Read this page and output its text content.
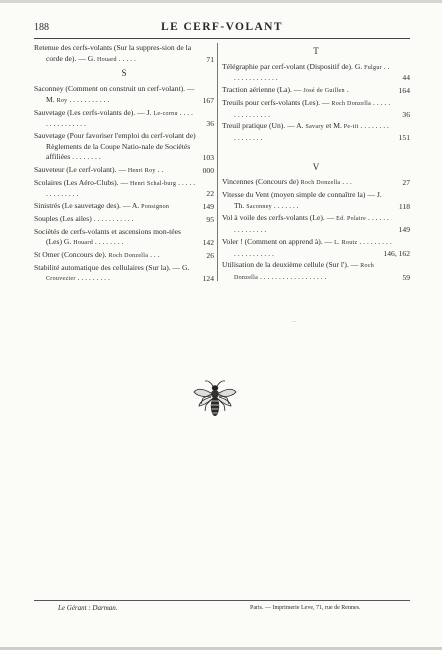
188	LE CERF-VOLANT
Retenue des cerfs-volants (Sur la suppres-sion de la corde de). — G. Houard . . . . .	71
S
Saconney (Comment on construit un cerf-volant). — M. Roy . . . . . . . . . . .	167
Sauvetage (Les cerfs-volants de). — J. Le-cornu . . . . . . . . . . . . . . .	36
Sauvetage (Pour favoriser l'emploi du cerf-volant de) Règlements de la Coupe Natio-nale de Sociétés affiliées . . . . . . . .	103
Sauveteur (Le cerf-volant). — Henri Roy . .	000
Scolaires (Les Aéro-Clubs). — Henri Schal-burg . . . . . . . . . . . . . .	22
Sinistrés (Le sauvetage des). — A. Ponsignon	149
Souples (Les ailes) . . . . . . . . . . .	95
Sociétés de cerfs-volants et ascensions mon-tées (Les) G. Houard . . . . . . . .	142
St Omer (Concours de). Roch Donzella . . .	26
Stabilité automatique des cellulaires (Sur la). — G. Crouvezier . . . . . . . . .	124
T
Télégraphie par cerf-volant (Dispositif de). G. Fulgur . . . . . . . . . . . . . .	44
Traction aérienne (La). — José de Guillen .	164
Treuils pour cerfs-volants (Les). — Roch Donzella . . . . . . . . . . . . . . .	36
Treuil pratique (Un). — A. Savary et M. Pe-tit . . . . . . . . . . . . . . . .	151
V
Vincennes (Concours de) Roch Donzella . . .	27
Vitesse du Vent (moyen simple de connaître la) — J. Th. Saconney . . . . . . .	118
Vol à voile des cerfs-volants (Le). — Ed. Polaire . . . . . . . . . . . . . . .	149
Voler ! (Comment on apprend à). — L. Routz . . . . . . . . . . . . . . . . . . . .	146, 162
Utilisation de la deuxième cellule (Sur l'). — Roch Donzella . . . . . . . . . . . . . . . . . .	59
...
Le Gérant : Darman.	Paris. — Imprimerie Leve, 71, rue de Rennes.
